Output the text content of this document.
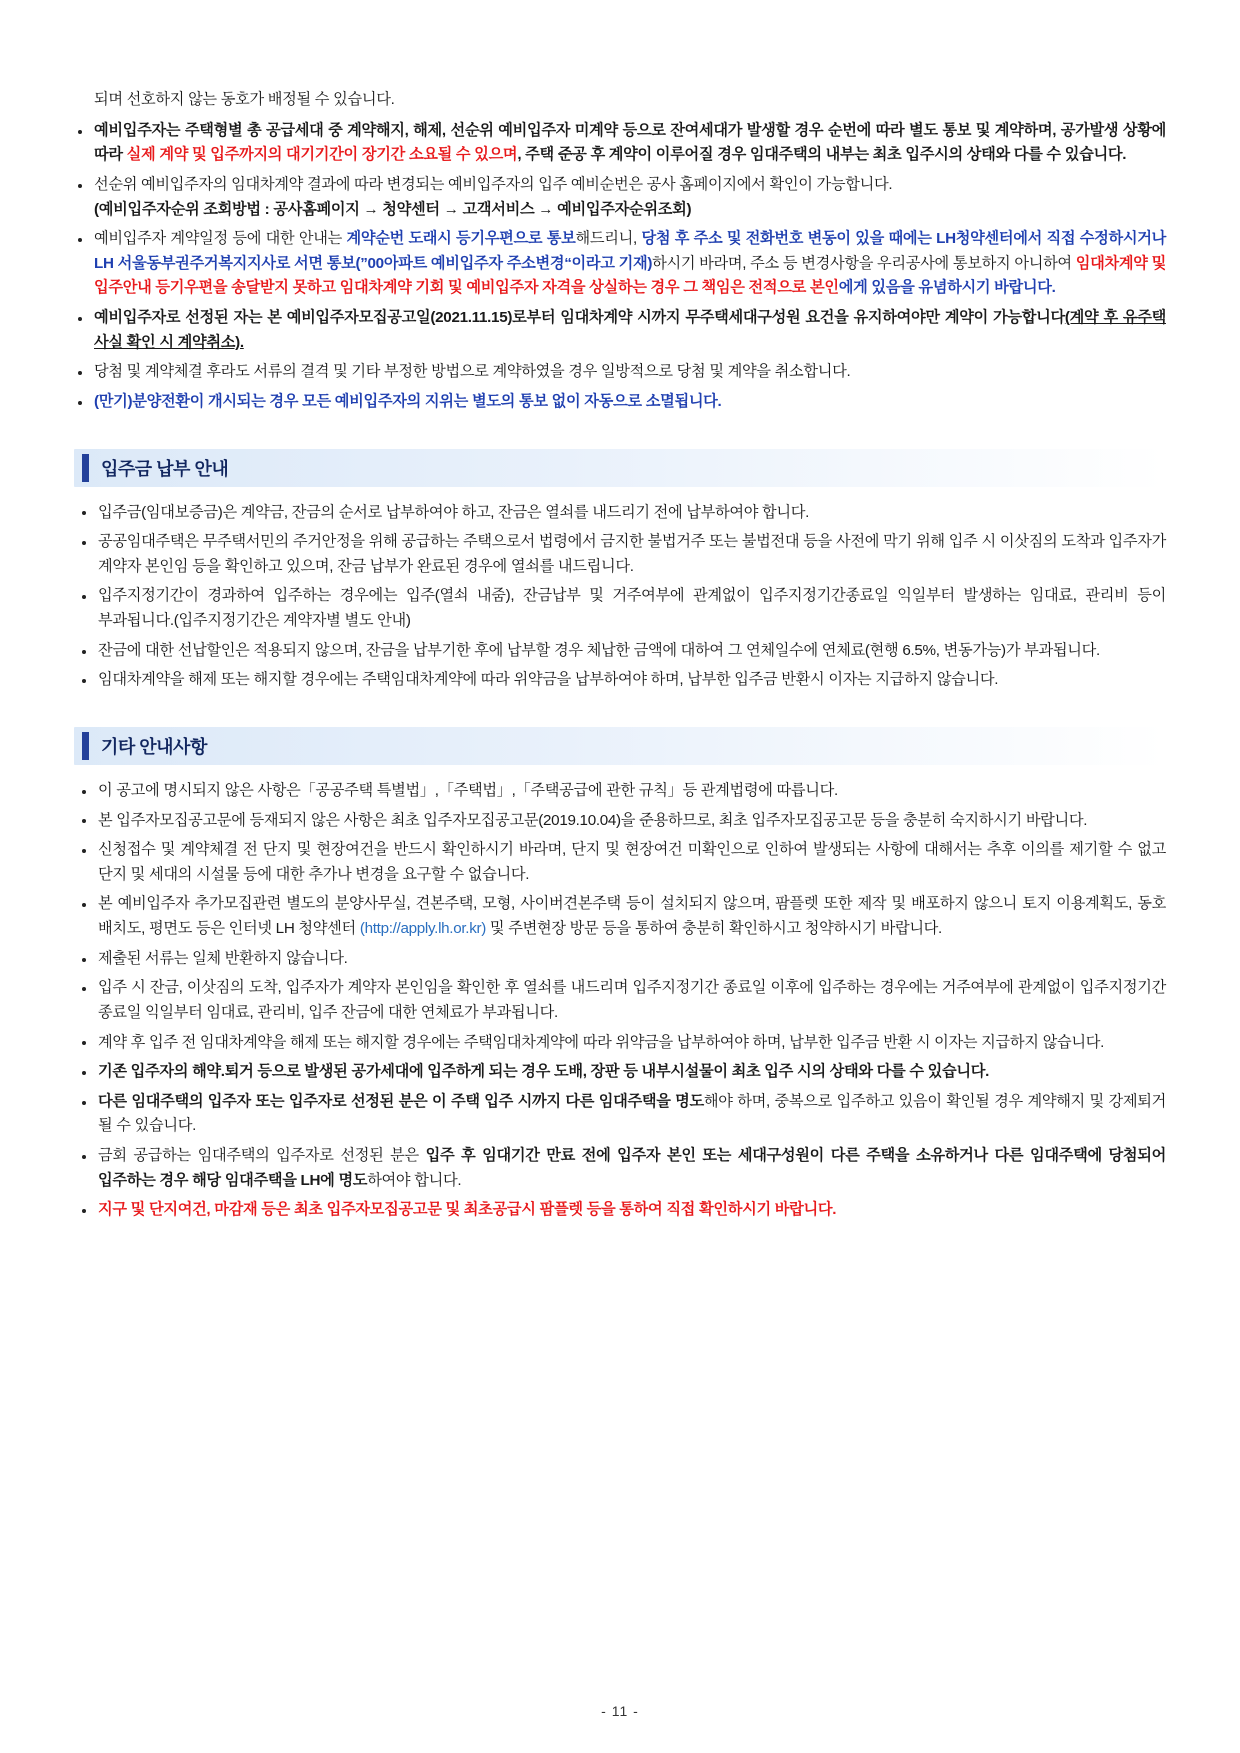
되며 선호하지 않는 동호가 배정될 수 있습니다.
예비입주자는 주택형별 총 공급세대 중 계약해지, 해제, 선순위 예비입주자 미계약 등으로 잔여세대가 발생할 경우 순번에 따라 별도 통보 및 계약하며, 공가발생 상황에 따라 실제 계약 및 입주까지의 대기기간이 장기간 소요될 수 있으며, 주택 준공 후 계약이 이루어질 경우 임대주택의 내부는 최초 입주시의 상태와 다를 수 있습니다.
선순위 예비입주자의 임대차계약 결과에 따라 변경되는 예비입주자의 입주 예비순번은 공사 홈페이지에서 확인이 가능합니다.
(예비입주자순위 조회방법 : 공사홈페이지 → 청약센터 → 고객서비스 → 예비입주자순위조회)
예비입주자 계약일정 등에 대한 안내는 계약순번 도래시 등기우편으로 통보해드리니, 당첨 후 주소 및 전화번호 변동이 있을 때에는 LH청약센터에서 직접 수정하시거나 LH 서울동부권주거복지지사로 서면 통보(”00아파트 예비입주자 주소변경“이라고 기재)하시기 바라며, 주소 등 변경사항을 우리공사에 통보하지 아니하여 임대차계약 및 입주안내 등기우편을 송달받지 못하고 임대차계약 기회 및 예비입주자 자격을 상실하는 경우 그 책임은 전적으로 본인에게 있음을 유념하시기 바랍니다.
예비입주자로 선정된 자는 본 예비입주자모집공고일(2021.11.15)로부터 임대차계약 시까지 무주택세대구성원 요건을 유지하여야만 계약이 가능합니다(계약 후 유주택 사실 확인 시 계약취소).
당첨 및 계약체결 후라도 서류의 결격 및 기타 부정한 방법으로 계약하였을 경우 일방적으로 당첨 및 계약을 취소합니다.
(만기)분양전환이 개시되는 경우 모든 예비입주자의 지위는 별도의 통보 없이 자동으로 소멸됩니다.
입주금 납부 안내
입주금(임대보증금)은 계약금, 잔금의 순서로 납부하여야 하고, 잔금은 열쇠를 내드리기 전에 납부하여야 합니다.
공공임대주택은 무주택서민의 주거안정을 위해 공급하는 주택으로서 법령에서 금지한 불법거주 또는 불법전대 등을 사전에 막기 위해 입주 시 이삿짐의 도착과 입주자가 계약자 본인임 등을 확인하고 있으며, 잔금 납부가 완료된 경우에 열쇠를 내드립니다.
입주지정기간이 경과하여 입주하는 경우에는 입주(열쇠 내줌), 잔금납부 및 거주여부에 관계없이 입주지정기간종료일 익일부터 발생하는 임대료, 관리비 등이 부과됩니다.(입주지정기간은 계약자별 별도 안내)
잔금에 대한 선납할인은 적용되지 않으며, 잔금을 납부기한 후에 납부할 경우 체납한 금액에 대하여 그 연체일수에 연체료(현행 6.5%, 변동가능)가 부과됩니다.
임대차계약을 해제 또는 해지할 경우에는 주택임대차계약에 따라 위약금을 납부하여야 하며, 납부한 입주금 반환시 이자는 지급하지 않습니다.
기타 안내사항
이 공고에 명시되지 않은 사항은「공공주택 특별법」,「주택법」,「주택공급에 관한 규칙」등 관계법령에 따릅니다.
본 입주자모집공고문에 등재되지 않은 사항은 최초 입주자모집공고문(2019.10.04)을 준용하므로, 최초 입주자모집공고문 등을 충분히 숙지하시기 바랍니다.
신청접수 및 계약체결 전 단지 및 현장여건을 반드시 확인하시기 바라며, 단지 및 현장여건 미확인으로 인하여 발생되는 사항에 대해서는 추후 이의를 제기할 수 없고 단지 및 세대의 시설물 등에 대한 추가나 변경을 요구할 수 없습니다.
본 예비입주자 추가모집관련 별도의 분양사무실, 견본주택, 모형, 사이버견본주택 등이 설치되지 않으며, 팜플렛 또한 제작 및 배포하지 않으니 토지 이용계획도, 동호 배치도, 평면도 등은 인터넷 LH 청약센터 (http://apply.lh.or.kr) 및 주변현장 방문 등을 통하여 충분히 확인하시고 청약하시기 바랍니다.
제출된 서류는 일체 반환하지 않습니다.
입주 시 잔금, 이삿짐의 도착, 입주자가 계약자 본인임을 확인한 후 열쇠를 내드리며 입주지정기간 종료일 이후에 입주하는 경우에는 거주여부에 관계없이 입주지정기간 종료일 익일부터 임대료, 관리비, 입주 잔금에 대한 연체료가 부과됩니다.
계약 후 입주 전 임대차계약을 해제 또는 해지할 경우에는 주택임대차계약에 따라 위약금을 납부하여야 하며, 납부한 입주금 반환 시 이자는 지급하지 않습니다.
기존 입주자의 해약.퇴거 등으로 발생된 공가세대에 입주하게 되는 경우 도배, 장판 등 내부시설물이 최초 입주 시의 상태와 다를 수 있습니다.
다른 임대주택의 입주자 또는 입주자로 선정된 분은 이 주택 입주 시까지 다른 임대주택을 명도해야 하며, 중복으로 입주하고 있음이 확인될 경우 계약해지 및 강제퇴거 될 수 있습니다.
금회 공급하는 임대주택의 입주자로 선정된 분은 입주 후 임대기간 만료 전에 입주자 본인 또는 세대구성원이 다른 주택을 소유하거나 다른 임대주택에 당첨되어 입주하는 경우 해당 임대주택을 LH에 명도하여야 합니다.
지구 및 단지여건, 마감재 등은 최초 입주자모집공고문 및 최초공급시 팜플렛 등을 통하여 직접 확인하시기 바랍니다.
- 11 -
